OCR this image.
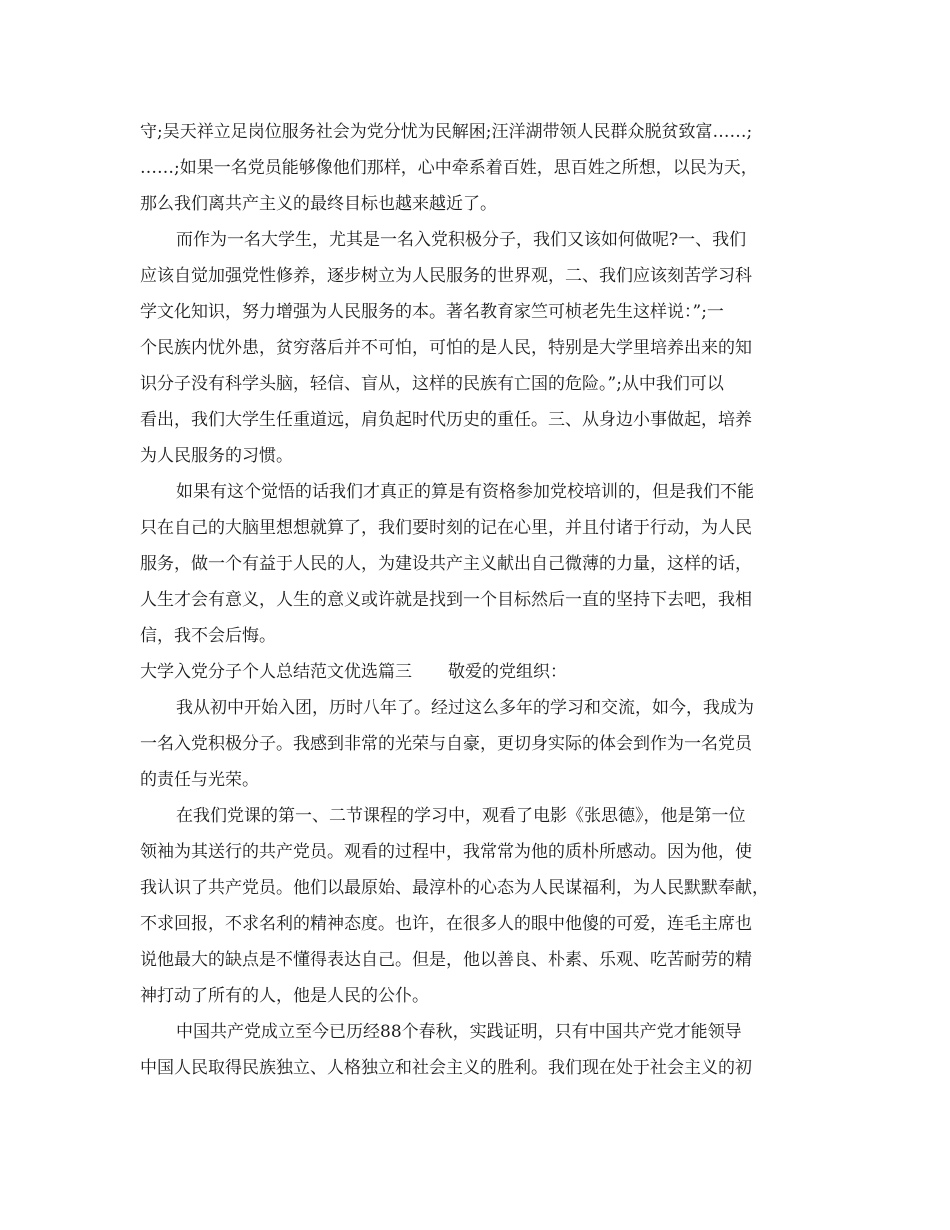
守;吴天祥立足岗位服务社会为党分忧为民解困;汪洋湖带领人民群众脱贫致富……;
……;如果一名党员能够像他们那样，心中牵系着百姓，思百姓之所想，以民为天，
那么我们离共产主义的最终目标也越来越近了。
而作为一名大学生，尤其是一名入党积极分子，我们又该如何做呢?一、我们
应该自觉加强党性修养，逐步树立为人民服务的世界观，二、我们应该刻苦学习科
学文化知识，努力增强为人民服务的本。著名教育家竺可桢老先生这样说：”;一
个民族内忧外患，贫穷落后并不可怕，可怕的是人民，特别是大学里培养出来的知
识分子没有科学头脑，轻信、盲从，这样的民族有亡国的危险。”;从中我们可以
看出，我们大学生任重道远，肩负起时代历史的重任。三、从身边小事做起，培养
为人民服务的习惯。
如果有这个觉悟的话我们才真正的算是有资格参加党校培训的，但是我们不能
只在自己的大脑里想想就算了，我们要时刻的记在心里，并且付诸于行动，为人民
服务，做一个有益于人民的人，为建设共产主义献出自己微薄的力量，这样的话，
人生才会有意义，人生的意义或许就是找到一个目标然后一直的坚持下去吧，我相
信，我不会后悔。
大学入党分子个人总结范文优选篇三 敬爱的党组织：
我从初中开始入团，历时八年了。经过这么多年的学习和交流，如今，我成为
一名入党积极分子。我感到非常的光荣与自豪，更切身实际的体会到作为一名党员
的责任与光荣。
在我们党课的第一、二节课程的学习中，观看了电影《张思德》，他是第一位
领袖为其送行的共产党员。观看的过程中，我常常为他的质朴所感动。因为他，使
我认识了共产党员。他们以最原始、最淳朴的心态为人民谋福利，为人民默默奉献，
不求回报，不求名利的精神态度。也许，在很多人的眼中他傻的可爱，连毛主席也
说他最大的缺点是不懂得表达自己。但是，他以善良、朴素、乐观、吃苦耐劳的精
神打动了所有的人，他是人民的公仆。
中国共产党成立至今已历经88个春秋，实践证明，只有中国共产党才能领导
中国人民取得民族独立、人格独立和社会主义的胜利。我们现在处于社会主义的初
